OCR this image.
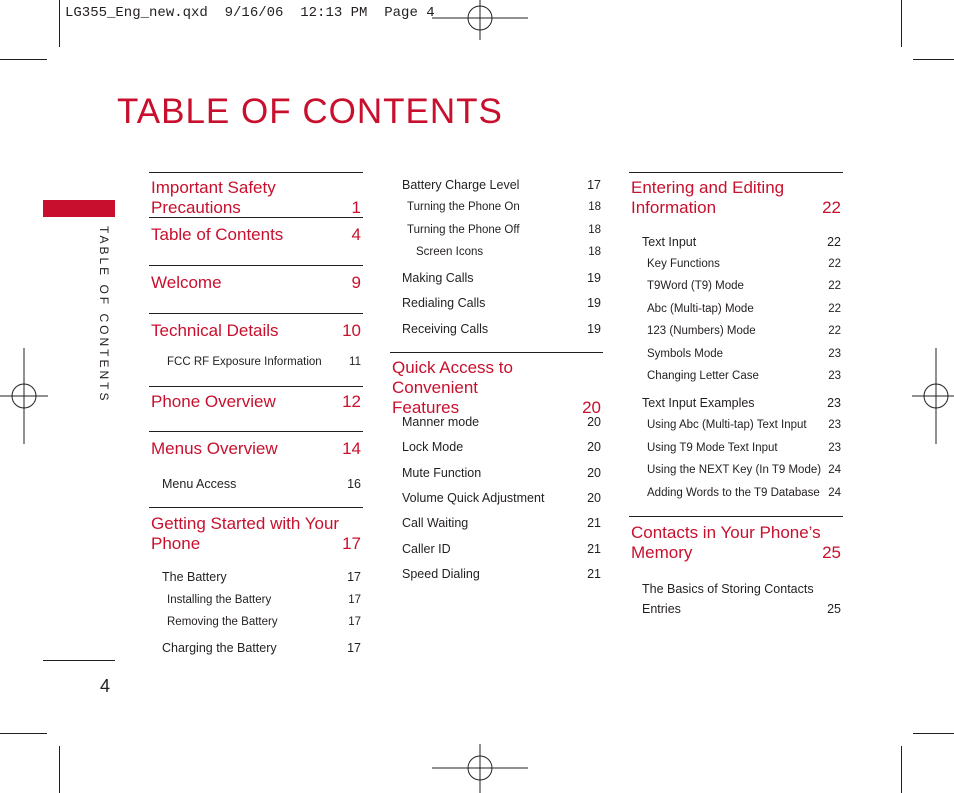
LG355_Eng_new.qxd  9/16/06  12:13 PM  Page 4
TABLE OF CONTENTS
TABLE OF CONTENTS
4
Important Safety Precautions	1
Table of Contents	4
Welcome	9
Technical Details	10
FCC RF Exposure Information 11
Phone Overview	12
Menus Overview	14
Menu Access	16
Getting Started with Your
Phone	17
The Battery	17
Installing the Battery	17
Removing the Battery	17
Charging the Battery	17
Battery Charge Level	17
Turning the Phone On	18
Turning the Phone Off	18
Screen Icons	18
Making Calls	19
Redialing Calls	19
Receiving Calls	19
Quick Access to Convenient
Features	20
Manner mode	20
Lock Mode	20
Mute Function	20
Volume Quick Adjustment	20
Call Waiting	21
Caller ID	21
Speed Dialing	21
Entering and Editing
Information	22
Text Input	22
Key Functions	22
T9Word (T9) Mode	22
Abc (Multi-tap) Mode	22
123 (Numbers) Mode	22
Symbols Mode	23
Changing Letter Case	23
Text Input Examples	23
Using Abc (Multi-tap) Text Input 23
Using T9 Mode Text Input	23
Using the NEXT Key (In T9 Mode) 24
Adding Words to the T9 Database 24
Contacts in Your Phone’s
Memory	25
The Basics of Storing Contacts
Entries	25
